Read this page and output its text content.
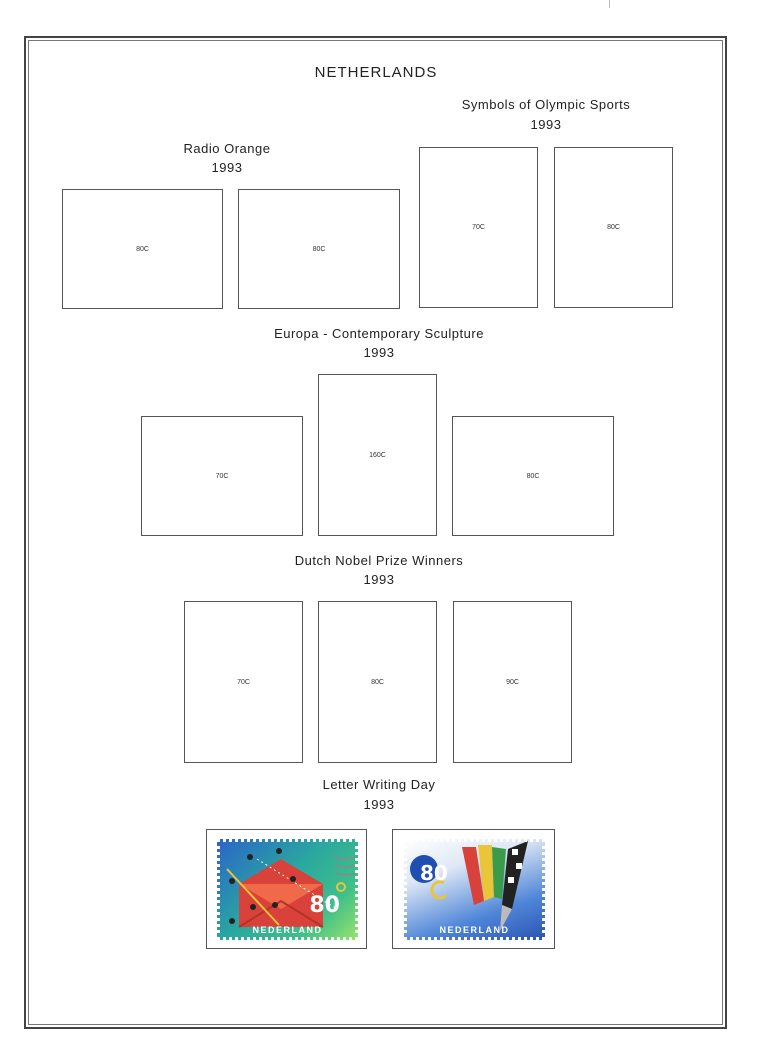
NETHERLANDS
Symbols of Olympic Sports
1993
70C	80C
Radio Orange
1993
80C	80C
Europa - Contemporary Sculpture
1993
70C
160C
80C
Dutch Nobel Prize Winners
1993
70C	80C	90C
Letter Writing Day
1993
80
NEDERLAND
80
NEDERLAND
